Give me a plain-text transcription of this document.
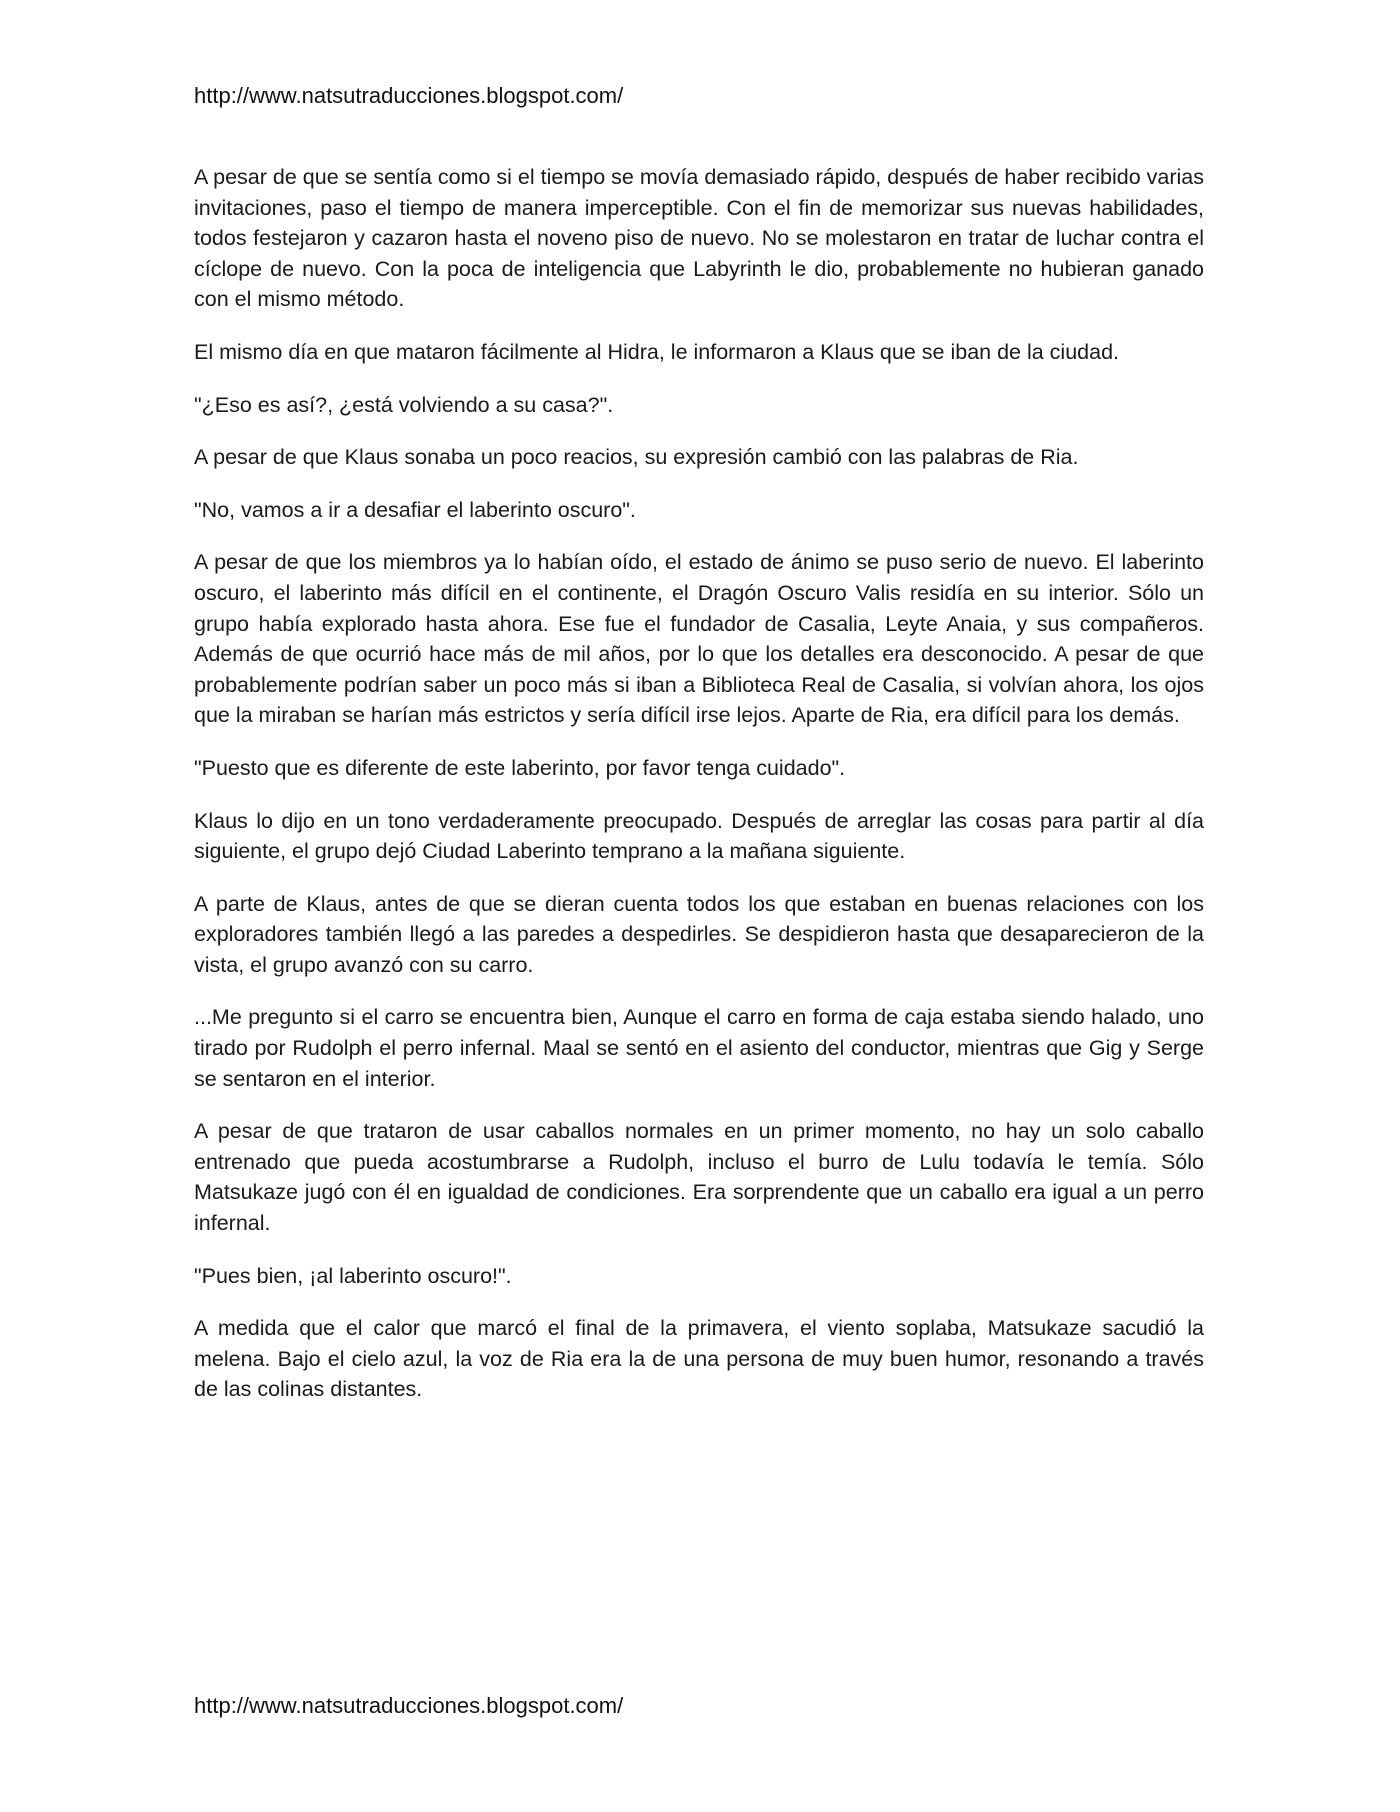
http://www.natsutraducciones.blogspot.com/

A pesar de que se sentía como si el tiempo se movía demasiado rápido, después de haber recibido varias invitaciones, paso el tiempo de manera imperceptible. Con el fin de memorizar sus nuevas habilidades, todos festejaron y cazaron hasta el noveno piso de nuevo. No se molestaron en tratar de luchar contra el cíclope de nuevo. Con la poca de inteligencia que Labyrinth le dio, probablemente no hubieran ganado con el mismo método.

El mismo día en que mataron fácilmente al Hidra, le informaron a Klaus que se iban de la ciudad.

"¿Eso es así?, ¿está volviendo a su casa?".

A pesar de que Klaus sonaba un poco reacios, su expresión cambió con las palabras de Ria.

"No, vamos a ir a desafiar el laberinto oscuro".

A pesar de que los miembros ya lo habían oído, el estado de ánimo se puso serio de nuevo. El laberinto oscuro, el laberinto más difícil en el continente, el Dragón Oscuro Valis residía en su interior. Sólo un grupo había explorado hasta ahora. Ese fue el fundador de Casalia, Leyte Anaia, y sus compañeros. Además de que ocurrió hace más de mil años, por lo que los detalles era desconocido. A pesar de que probablemente podrían saber un poco más si iban a Biblioteca Real de Casalia, si volvían ahora, los ojos que la miraban se harían más estrictos y sería difícil irse lejos. Aparte de Ria, era difícil para los demás.

"Puesto que es diferente de este laberinto, por favor tenga cuidado".

Klaus lo dijo en un tono verdaderamente preocupado. Después de arreglar las cosas para partir al día siguiente, el grupo dejó Ciudad Laberinto temprano a la mañana siguiente.

A parte de Klaus, antes de que se dieran cuenta todos los que estaban en buenas relaciones con los exploradores también llegó a las paredes a despedirles. Se despidieron hasta que desaparecieron de la vista, el grupo avanzó con su carro.

...Me pregunto si el carro se encuentra bien, Aunque el carro en forma de caja estaba siendo halado, uno tirado por Rudolph el perro infernal. Maal se sentó en el asiento del conductor, mientras que Gig y Serge se sentaron en el interior.

A pesar de que trataron de usar caballos normales en un primer momento, no hay un solo caballo entrenado que pueda acostumbrarse a Rudolph, incluso el burro de Lulu todavía le temía. Sólo Matsukaze jugó con él en igualdad de condiciones. Era sorprendente que un caballo era igual a un perro infernal.

"Pues bien, ¡al laberinto oscuro!".

A medida que el calor que marcó el final de la primavera, el viento soplaba, Matsukaze sacudió la melena. Bajo el cielo azul, la voz de Ria era la de una persona de muy buen humor, resonando a través de las colinas distantes.

http://www.natsutraducciones.blogspot.com/
